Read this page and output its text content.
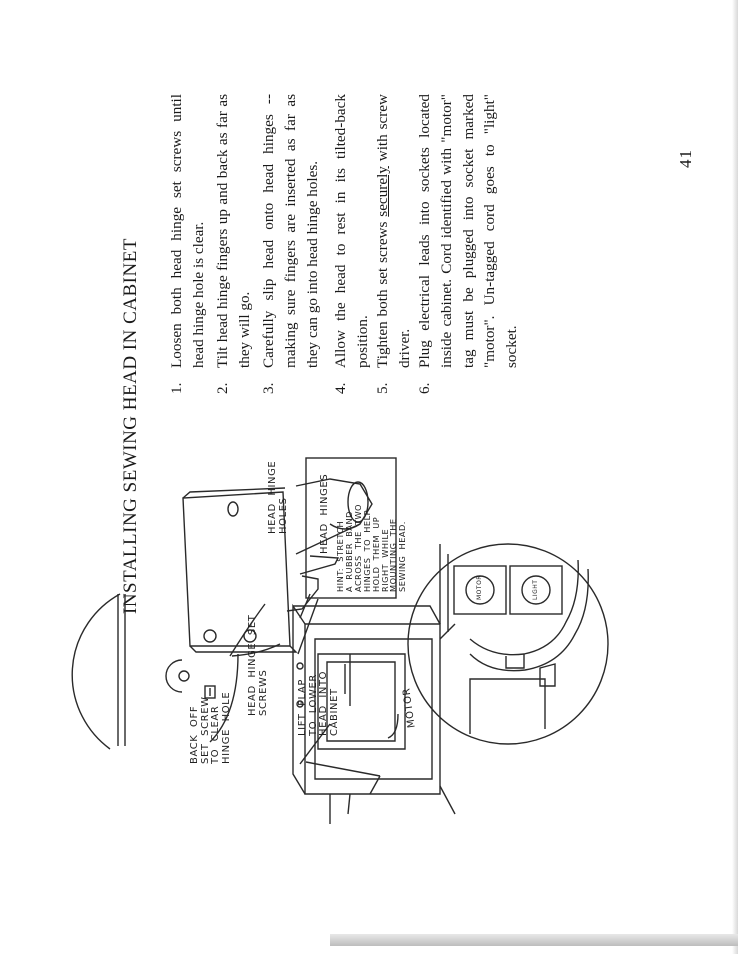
41
INSTALLING SEWING HEAD IN CABINET 1.
Loosen both head hinge set screws until head hinge hole is clear.
2.
Tilt head hinge fingers up and back as far as they will go.
3.
Carefully slip head onto head hinges -- making sure fingers are inserted as far as they can go into head hinge holes.
4.
Allow the head to rest in its tilted-back position.
5.
Tighten both set screws securely with screw driver.
6.
Plug electrical leads into sockets located inside cabinet. Cord identified with "motor" tag must be plugged into socket marked "motor". Un-tagged cord goes to "light" socket.
BACK  OFF
SET  SCREW
TO  CLEAR
HINGE  HOLE HEAD  HINGE  SET
SCREWS
HEAD  HINGE
HOLES
LIFT  FLAP
TO  LOWER
HEAD  INTO
CABINET
HEAD  HINGES
HINT:  STRETCH
A  RUBBER  BAND
ACROSS  THE  TWO
HINGES  TO  HELP
HOLD  THEM  UP
RIGHT  WHILE
MOUNTING  THE
SEWING  HEAD.
MOTOR
MOTOR	LIGHT
